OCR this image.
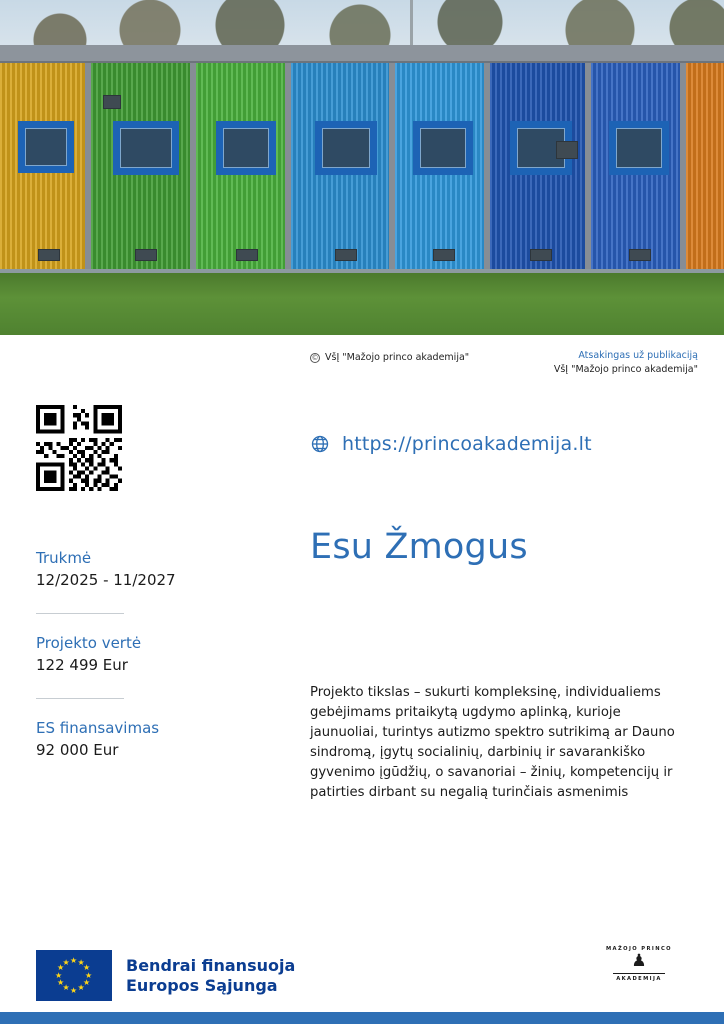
© VšĮ "Mažojo princo akademija"	Atsakingas už publikaciją
VšĮ "Mažojo princo akademija"
https://princoakademija.lt
Esu Žmogus
Trukmė
12/2025 - 11/2027
Projekto vertė
122 499 Eur
ES finansavimas
92 000 Eur
Projekto tikslas – sukurti kompleksinę, individualiems gebėjimams pritaikytą ugdymo aplinką, kurioje jaunuoliai, turintys autizmo spektro sutrikimą ar Dauno sindromą, įgytų socialinių, darbinių ir savarankiško gyvenimo įgūdžių, o savanoriai – žinių, kompetencijų ir patirties dirbant su negalią turinčiais asmenimis
★ ★
★
★
★
★
★
★
★
★
★
★	Bendrai finansuoja
Europos Sąjunga
MAŽOJO PRINCO
♟
AKADEMIJA
